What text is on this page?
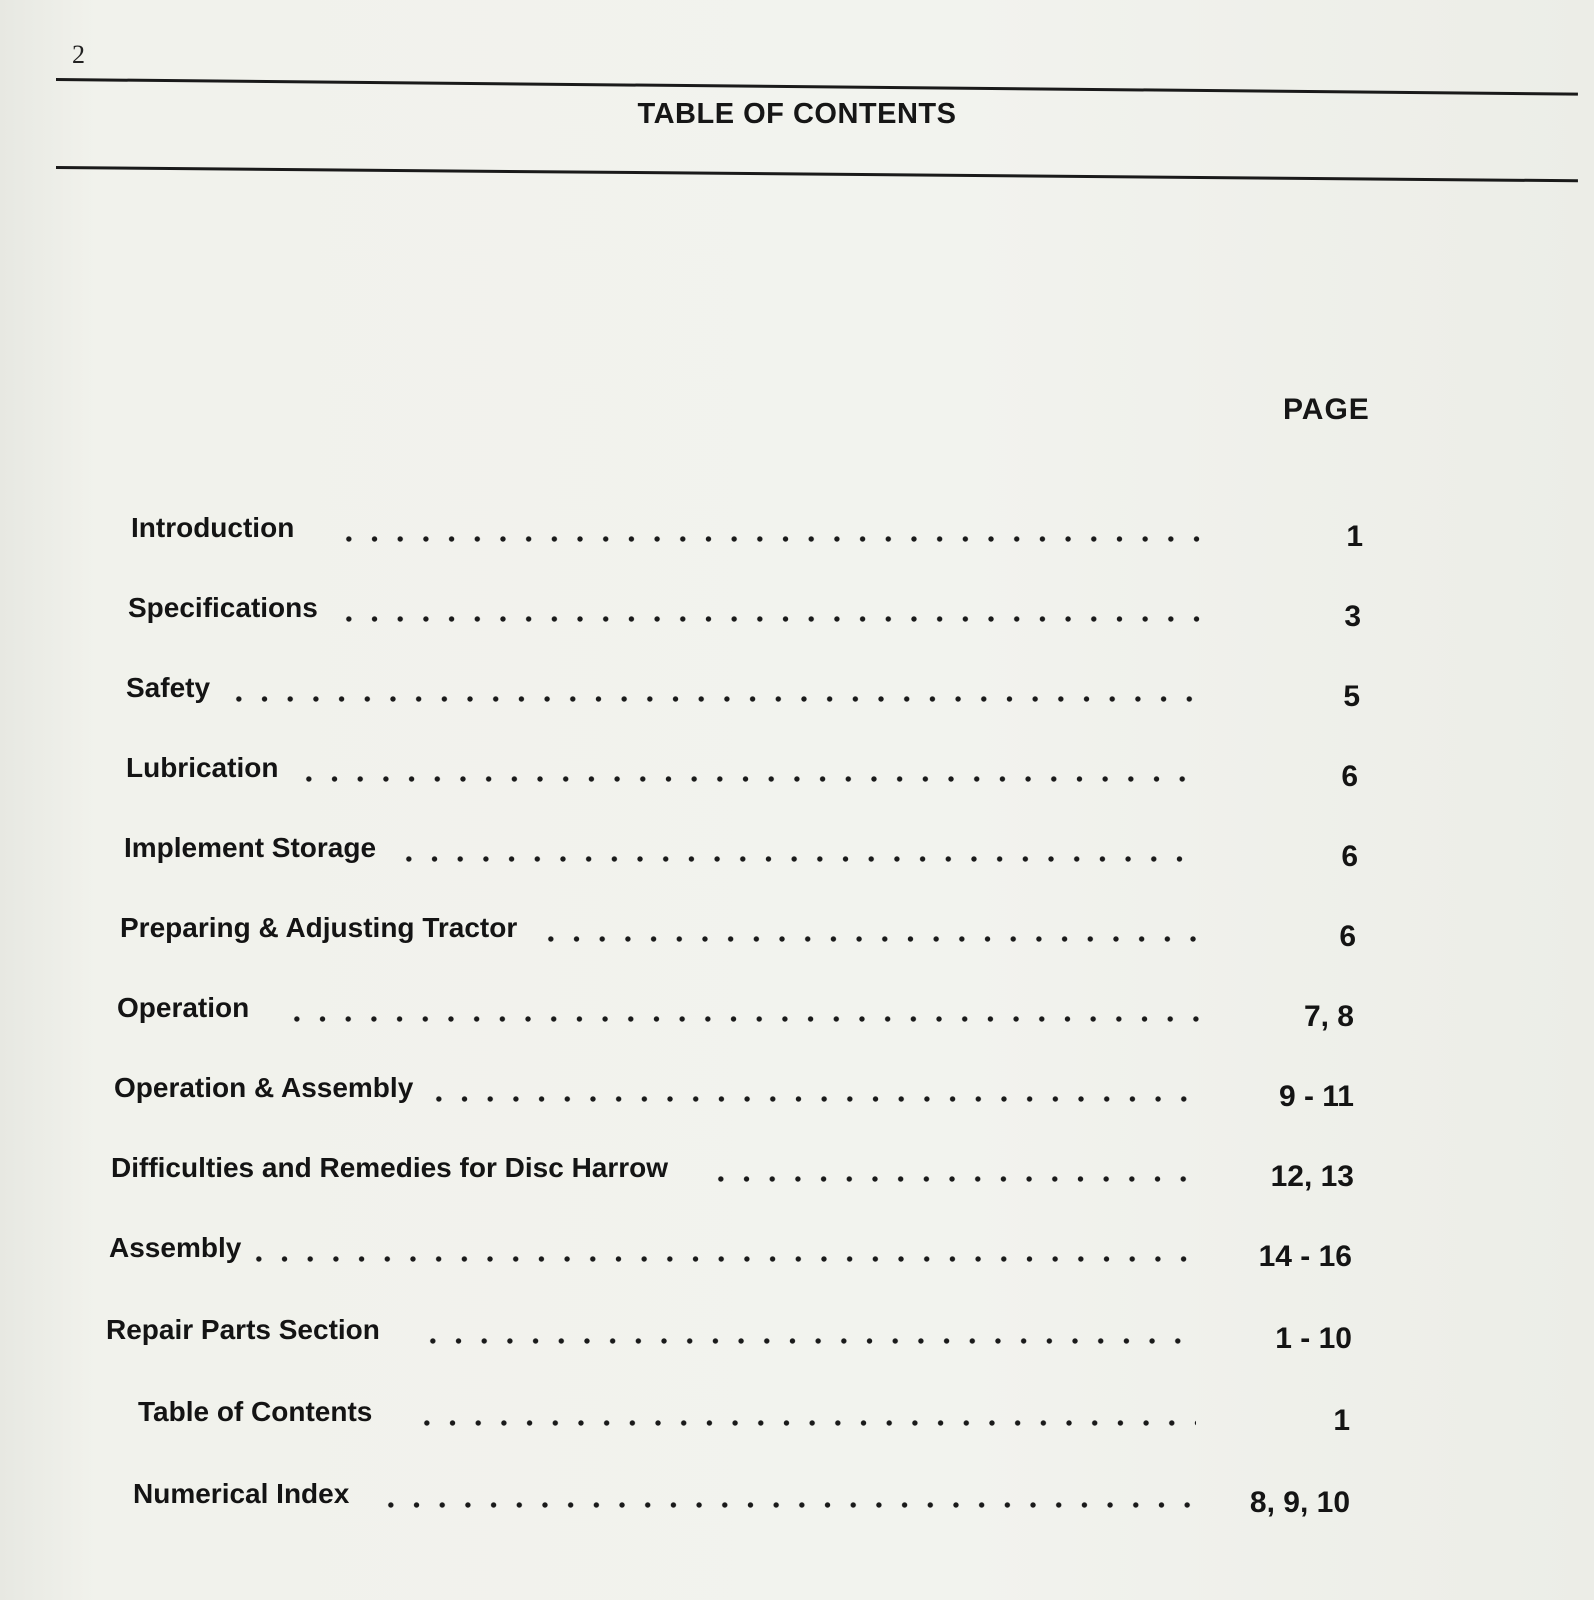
2
TABLE OF CONTENTS
PAGE
Introduction	1
Specifications	3
Safety	5
Lubrication	6
Implement Storage	6
Preparing & Adjusting Tractor	6
Operation	7, 8
Operation & Assembly	9 - 11
Difficulties and Remedies for Disc Harrow	12, 13
Assembly	14 - 16
Repair Parts Section	1 - 10
Table of Contents	1
Numerical Index	8, 9, 10
